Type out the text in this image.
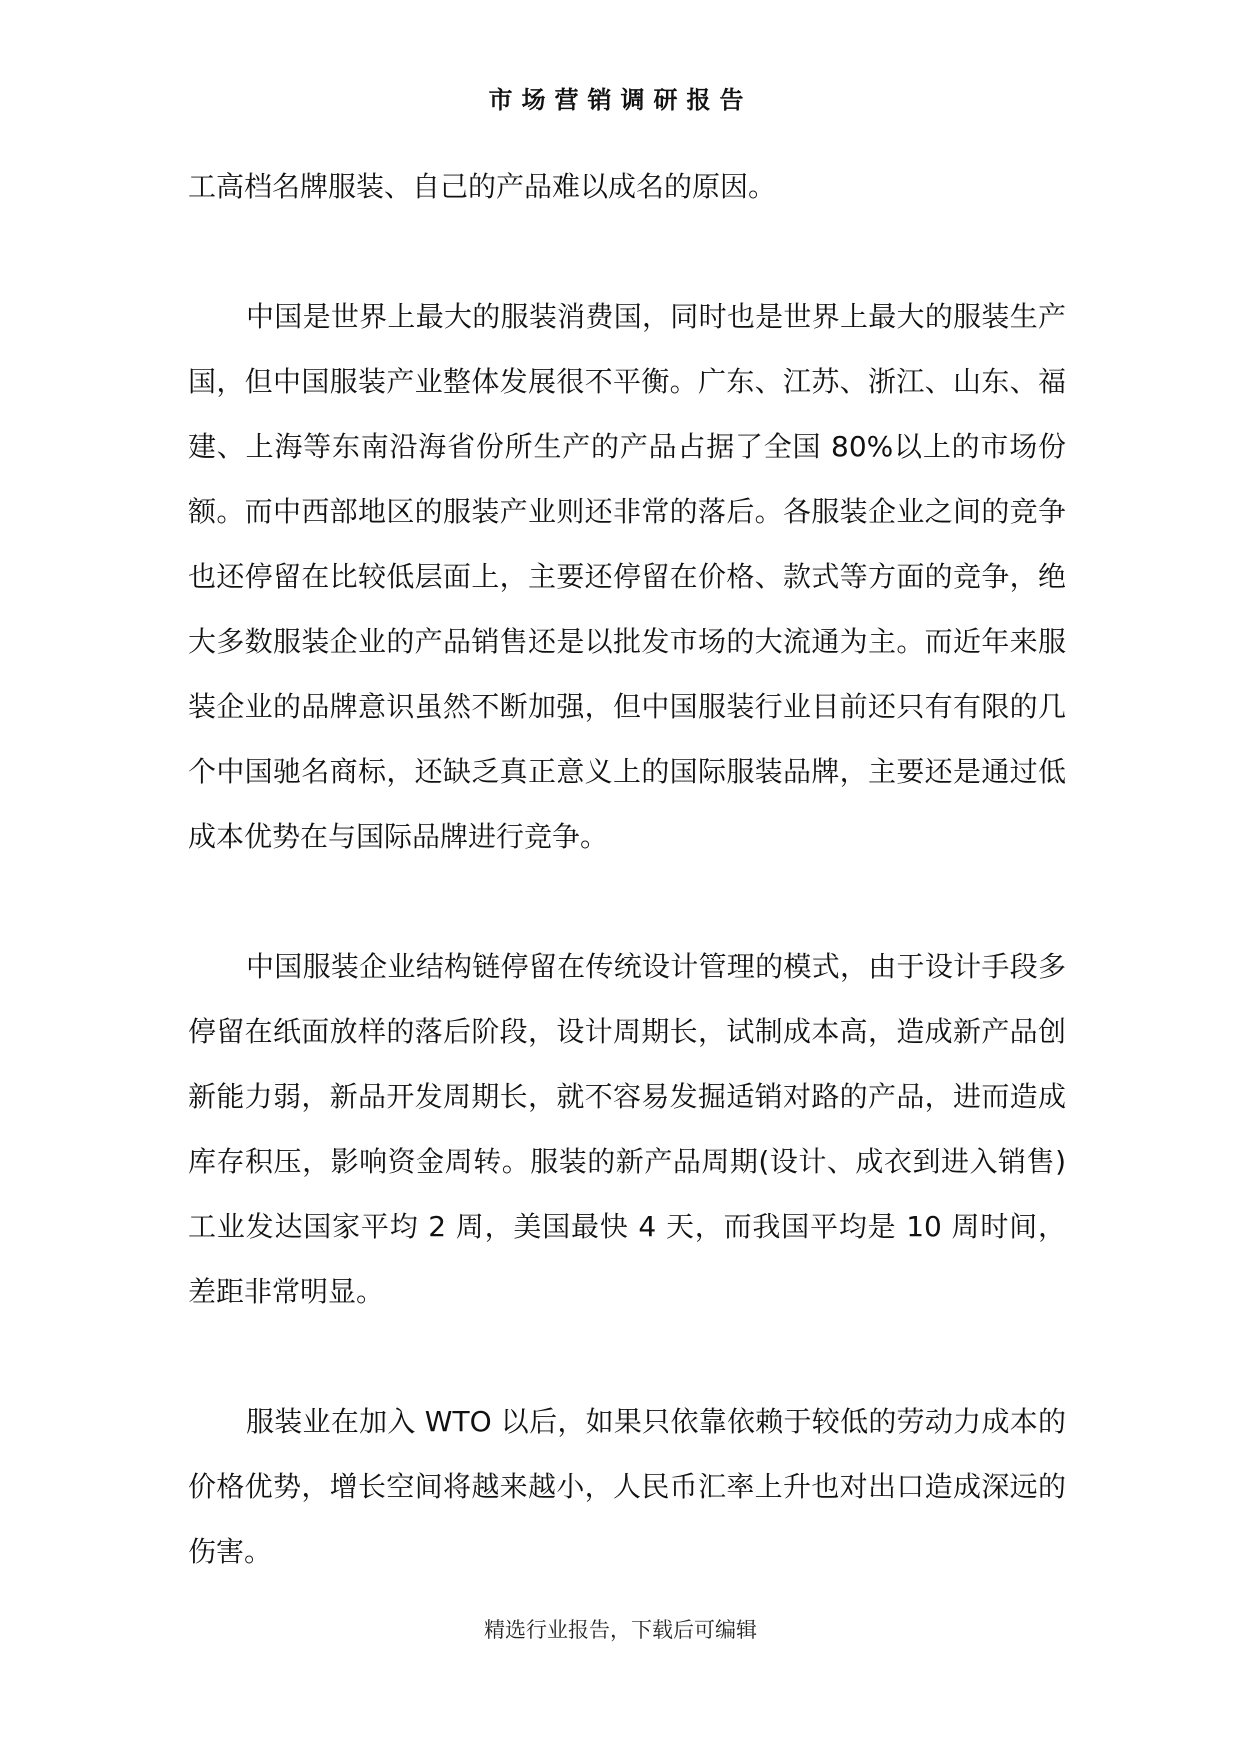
市场营销调研报告

工高档名牌服装、自己的产品难以成名的原因。

中国是世界上最大的服装消费国，同时也是世界上最大的服装生产国，但中国服装产业整体发展很不平衡。广东、江苏、浙江、山东、福建、上海等东南沿海省份所生产的产品占据了全国 80%以上的市场份额。而中西部地区的服装产业则还非常的落后。各服装企业之间的竞争也还停留在比较低层面上，主要还停留在价格、款式等方面的竞争，绝大多数服装企业的产品销售还是以批发市场的大流通为主。而近年来服装企业的品牌意识虽然不断加强，但中国服装行业目前还只有有限的几个中国驰名商标，还缺乏真正意义上的国际服装品牌，主要还是通过低成本优势在与国际品牌进行竞争。

中国服装企业结构链停留在传统设计管理的模式，由于设计手段多停留在纸面放样的落后阶段，设计周期长，试制成本高，造成新产品创新能力弱，新品开发周期长，就不容易发掘适销对路的产品，进而造成库存积压，影响资金周转。服装的新产品周期(设计、成衣到进入销售)工业发达国家平均 2 周，美国最快 4 天，而我国平均是 10 周时间，差距非常明显。

服装业在加入 WTO 以后，如果只依靠依赖于较低的劳动力成本的价格优势，增长空间将越来越小，人民币汇率上升也对出口造成深远的伤害。

精选行业报告，下载后可编辑
